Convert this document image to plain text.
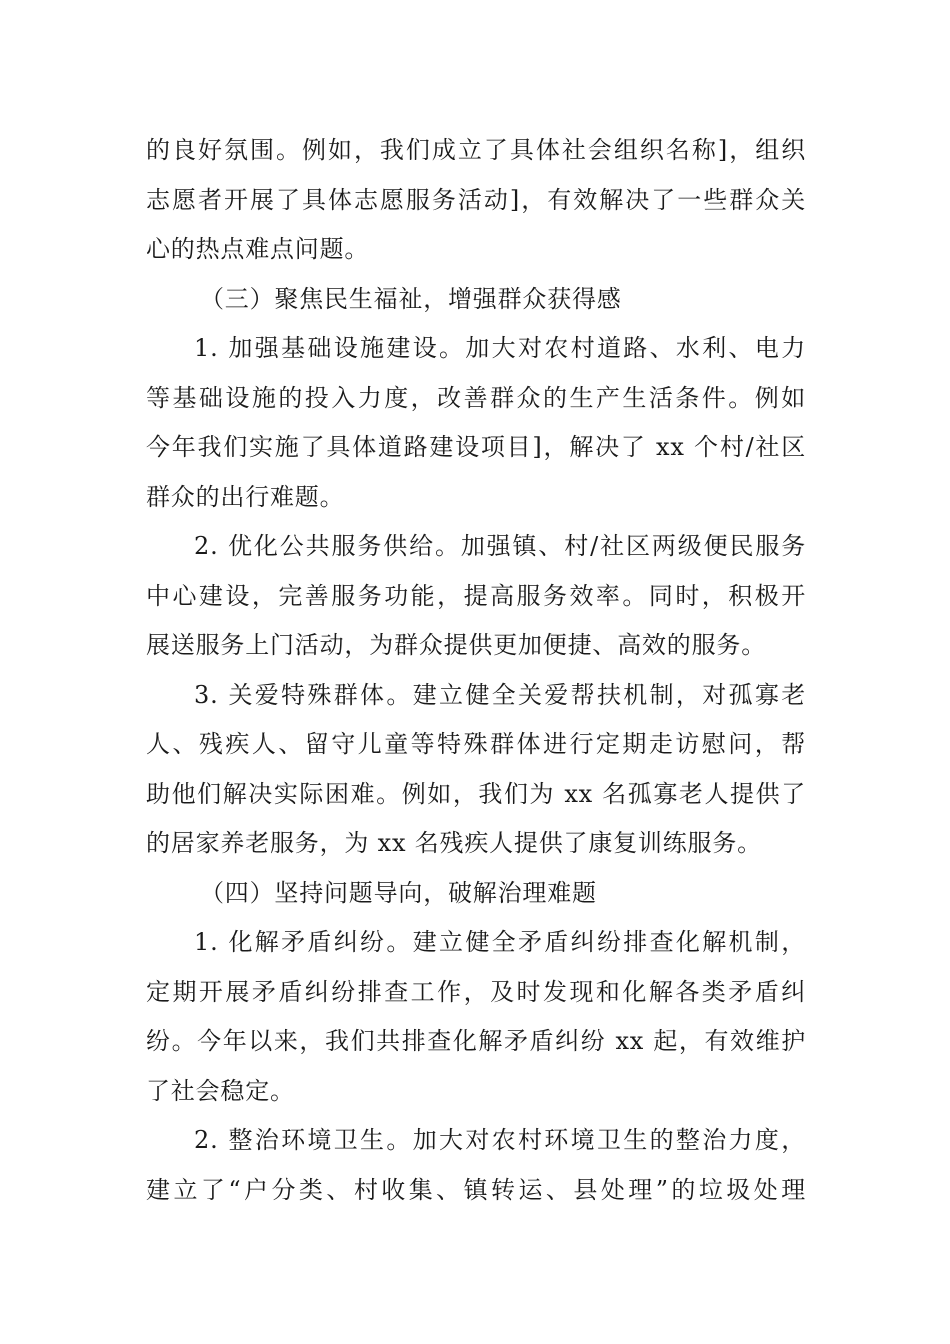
的良好氛围。例如，我们成立了具体社会组织名称]，组织
志愿者开展了具体志愿服务活动]，有效解决了一些群众关
心的热点难点问题。
（三）聚焦民生福祉，增强群众获得感
1. 加强基础设施建设。加大对农村道路、水利、电力
等基础设施的投入力度，改善群众的生产生活条件。例如
今年我们实施了具体道路建设项目]，解决了 xx 个村/社区
群众的出行难题。
2. 优化公共服务供给。加强镇、村/社区两级便民服务
中心建设，完善服务功能，提高服务效率。同时，积极开
展送服务上门活动，为群众提供更加便捷、高效的服务。
3. 关爱特殊群体。建立健全关爱帮扶机制，对孤寡老
人、残疾人、留守儿童等特殊群体进行定期走访慰问，帮
助他们解决实际困难。例如，我们为 xx 名孤寡老人提供了
的居家养老服务，为 xx 名残疾人提供了康复训练服务。
（四）坚持问题导向，破解治理难题
1. 化解矛盾纠纷。建立健全矛盾纠纷排查化解机制，
定期开展矛盾纠纷排查工作，及时发现和化解各类矛盾纠
纷。今年以来，我们共排查化解矛盾纠纷 xx 起，有效维护
了社会稳定。
2. 整治环境卫生。加大对农村环境卫生的整治力度，
建立了“户分类、村收集、镇转运、县处理”的垃圾处理
